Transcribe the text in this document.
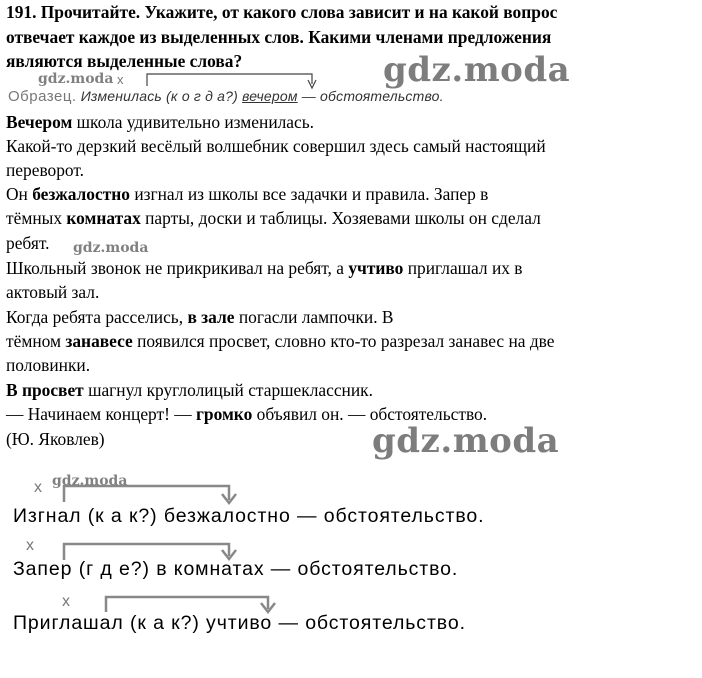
191. Прочитайте. Укажите, от какого слова зависит и на какой вопрос
отвечает каждое из выделенных слов. Какими членами предложения
являются выделенные слова?	gdz.moda
gdz.moda x
Образец. Изменилась (к о г д а?) вечером — обстоятельство.
Вечером школа удивительно изменилась.
Какой-то дерзкий весёлый волшебник совершил здесь самый настоящий
переворот.
Он безжалостно изгнал из школы все задачки и правила. Запер в
тёмных комнатах парты, доски и таблицы. Хозяевами школы он сделал
ребят. gdz.moda
Школьный звонок не прикрикивал на ребят, а учтиво приглашал их в
актовый зал.
Когда ребята расселись, в зале погасли лампочки. В
тёмном занавесе появился просвет, словно кто-то разрезал занавес на две
половинки.
В просвет шагнул круглолицый старшеклассник.
— Начинаем концерт! — громко объявил он. — обстоятельство.
(Ю. Яковлев)	gdz.moda
gdz.moda
x
Изгнал (к а к?) безжалостно — обстоятельство.
x
Запер (г д е?) в комнатах — обстоятельство.
x
Приглашал (к а к?) учтиво — обстоятельство.
